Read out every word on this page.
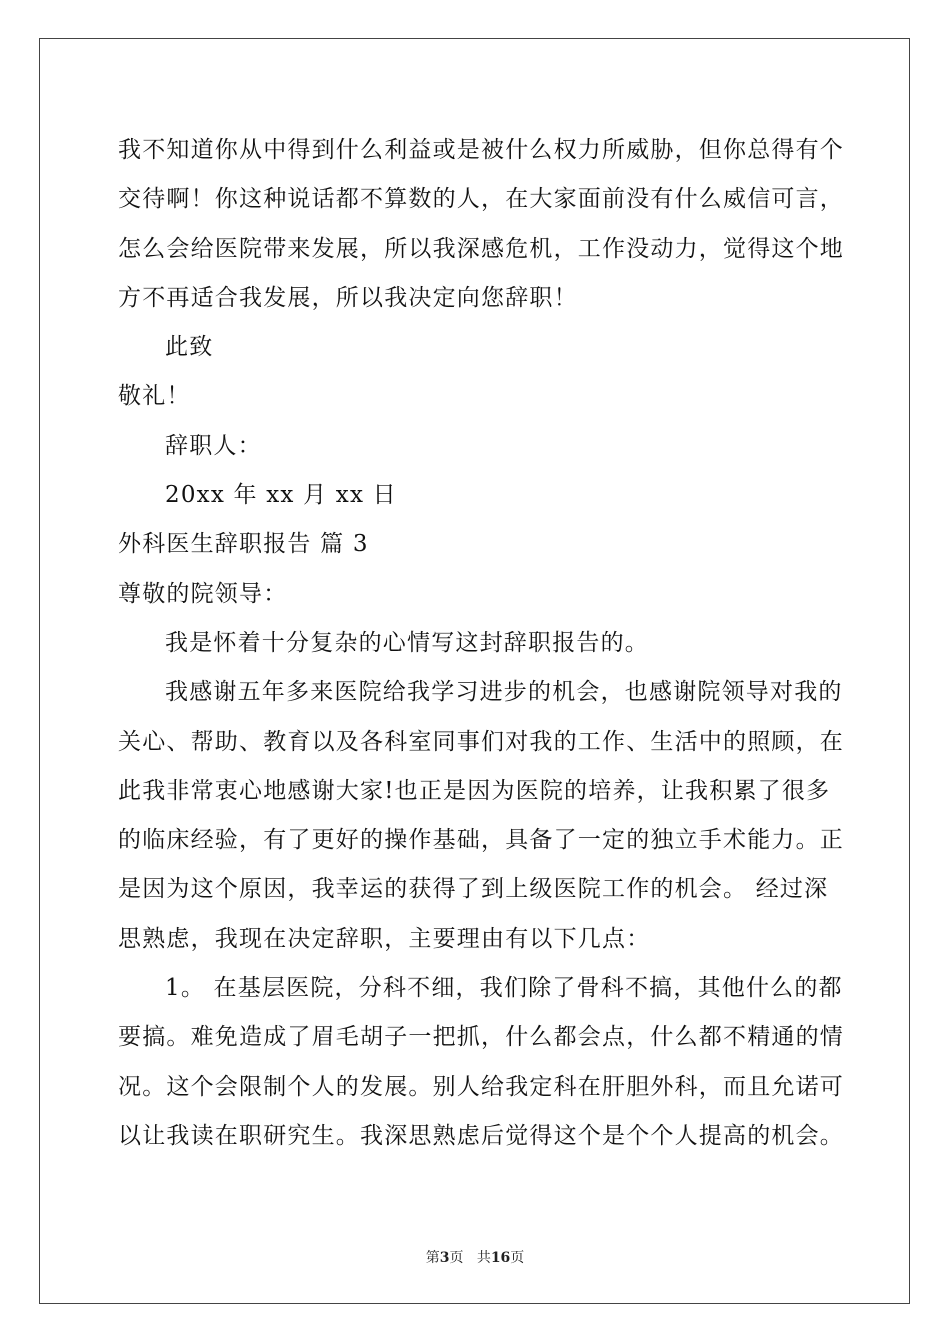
我不知道你从中得到什么利益或是被什么权力所威胁，但你总得有个
交待啊！你这种说话都不算数的人，在大家面前没有什么威信可言，
怎么会给医院带来发展，所以我深感危机，工作没动力，觉得这个地
方不再适合我发展，所以我决定向您辞职！
此致
敬礼！
辞职人：
20xx 年 xx 月 xx 日
外科医生辞职报告 篇 3
尊敬的院领导：
我是怀着十分复杂的心情写这封辞职报告的。
我感谢五年多来医院给我学习进步的机会，也感谢院领导对我的
关心、帮助、教育以及各科室同事们对我的工作、生活中的照顾，在
此我非常衷心地感谢大家!也正是因为医院的培养，让我积累了很多
的临床经验，有了更好的操作基础，具备了一定的独立手术能力。正
是因为这个原因，我幸运的获得了到上级医院工作的机会。 经过深
思熟虑，我现在决定辞职，主要理由有以下几点：
1。 在基层医院，分科不细，我们除了骨科不搞，其他什么的都
要搞。难免造成了眉毛胡子一把抓，什么都会点，什么都不精通的情
况。这个会限制个人的发展。别人给我定科在肝胆外科，而且允诺可
以让我读在职研究生。我深思熟虑后觉得这个是个个人提高的机会。
第3页 共16页
